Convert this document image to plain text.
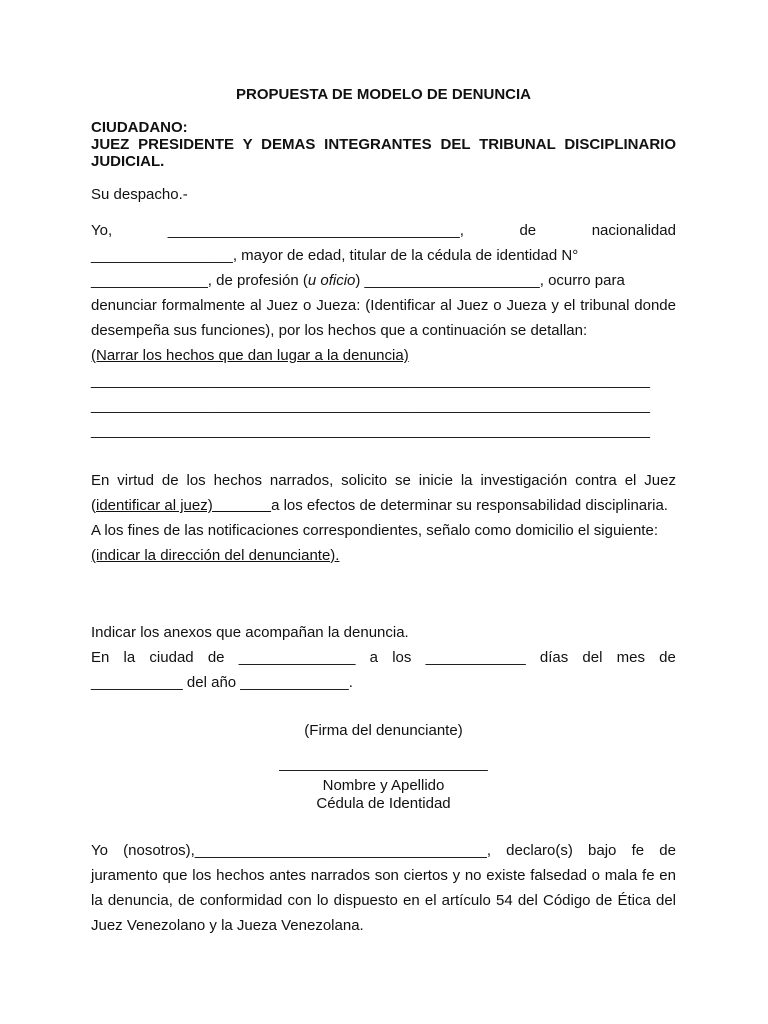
PROPUESTA DE MODELO DE DENUNCIA
CIUDADANO:
JUEZ PRESIDENTE Y DEMAS INTEGRANTES DEL TRIBUNAL DISCIPLINARIO JUDICIAL.
Su despacho.-
Yo,	___________________________________,	de	nacionalidad
_________________, mayor de edad, titular de la cédula de identidad N°
______________, de profesión (u oficio) _____________________, ocurro para
denunciar formalmente al Juez o Jueza: (Identificar al Juez o Jueza y el tribunal donde desempeña sus funciones), por los hechos que a continuación se detallan:
(Narrar los hechos que dan lugar a la denuncia)
___________________________________________________________________
___________________________________________________________________
___________________________________________________________________

En virtud de los hechos narrados, solicito se inicie la investigación contra el Juez (identificar al juez)              a los efectos de determinar su responsabilidad disciplinaria.

A los fines de las notificaciones correspondientes, señalo como domicilio el siguiente:

(indicar la dirección del denunciante).

Indicar los anexos que acompañan la denuncia.
En la ciudad de ______________ a los ____________ días del mes de
___________ del año _____________.
(Firma del denunciante)
_________________________
Nombre y Apellido
Cédula de Identidad
Yo (nosotros),___________________________________, declaro(s) bajo fe de
juramento que los hechos antes narrados son ciertos y no existe falsedad o mala fe en la denuncia, de conformidad con lo dispuesto en el artículo 54 del Código de Ética del Juez Venezolano y la Jueza Venezolana.
